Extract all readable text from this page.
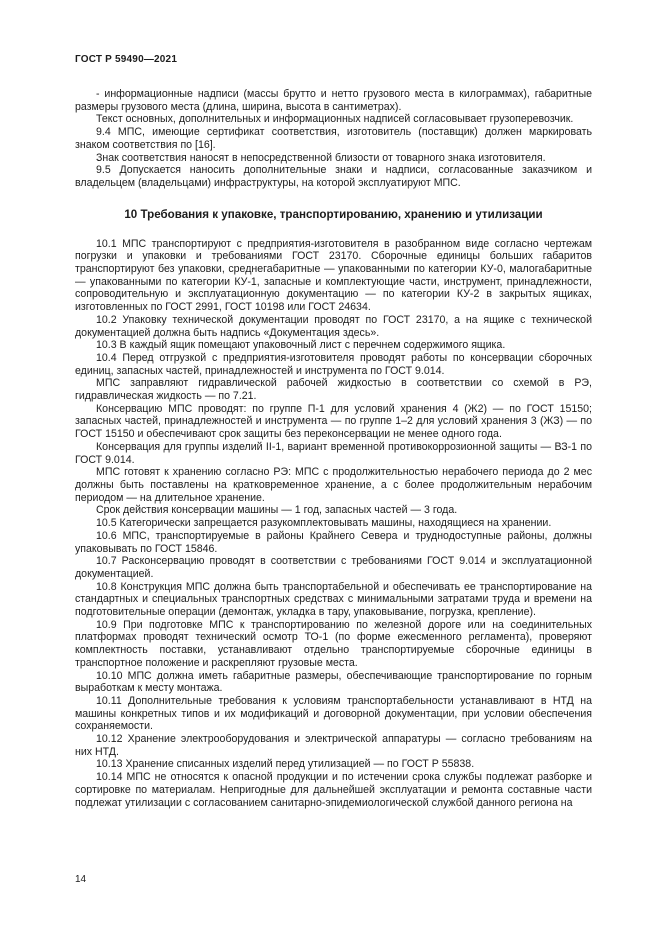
ГОСТ Р 59490—2021

- информационные надписи (массы брутто и нетто грузового места в килограммах), габаритные размеры грузового места (длина, ширина, высота в сантиметрах).

Текст основных, дополнительных и информационных надписей согласовывает грузоперевозчик.

9.4 МПС, имеющие сертификат соответствия, изготовитель (поставщик) должен маркировать знаком соответствия по [16].

Знак соответствия наносят в непосредственной близости от товарного знака изготовителя.

9.5 Допускается наносить дополнительные знаки и надписи, согласованные заказчиком и владельцем (владельцами) инфраструктуры, на которой эксплуатируют МПС.

10 Требования к упаковке, транспортированию, хранению и утилизации

10.1 МПС транспортируют с предприятия-изготовителя в разобранном виде согласно чертежам погрузки и упаковки и требованиями ГОСТ 23170. Сборочные единицы больших габаритов транспортируют без упаковки, среднегабаритные — упакованными по категории КУ-0, малогабаритные — упакованными по категории КУ-1, запасные и комплектующие части, инструмент, принадлежности, сопроводительную и эксплуатационную документацию — по категории КУ-2 в закрытых ящиках, изготовленных по ГОСТ 2991, ГОСТ 10198 или ГОСТ 24634.

10.2 Упаковку технической документации проводят по ГОСТ 23170, а на ящике с технической документацией должна быть надпись «Документация здесь».

10.3 В каждый ящик помещают упаковочный лист с перечнем содержимого ящика.

10.4 Перед отгрузкой с предприятия-изготовителя проводят работы по консервации сборочных единиц, запасных частей, принадлежностей и инструмента по ГОСТ 9.014.

МПС заправляют гидравлической рабочей жидкостью в соответствии со схемой в РЭ, гидравлическая жидкость — по 7.21.

Консервацию МПС проводят: по группе П-1 для условий хранения 4 (Ж2) — по ГОСТ 15150; запасных частей, принадлежностей и инструмента — по группе 1–2 для условий хранения 3 (ЖЗ) — по ГОСТ 15150 и обеспечивают срок защиты без переконсервации не менее одного года.

Консервация для группы изделий II-1, вариант временной противокоррозионной защиты — ВЗ-1 по ГОСТ 9.014.

МПС готовят к хранению согласно РЭ: МПС с продолжительностью нерабочего периода до 2 мес должны быть поставлены на кратковременное хранение, а с более продолжительным нерабочим периодом — на длительное хранение.

Срок действия консервации машины — 1 год, запасных частей — 3 года.

10.5 Категорически запрещается разукомплектовывать машины, находящиеся на хранении.

10.6 МПС, транспортируемые в районы Крайнего Севера и труднодоступные районы, должны упаковывать по ГОСТ 15846.

10.7 Расконсервацию проводят в соответствии с требованиями ГОСТ 9.014 и эксплуатационной документацией.

10.8 Конструкция МПС должна быть транспортабельной и обеспечивать ее транспортирование на стандартных и специальных транспортных средствах с минимальными затратами труда и времени на подготовительные операции (демонтаж, укладка в тару, упаковывание, погрузка, крепление).

10.9 При подготовке МПС к транспортированию по железной дороге или на соединительных платформах проводят технический осмотр ТО-1 (по форме ежесменного регламента), проверяют комплектность поставки, устанавливают отдельно транспортируемые сборочные единицы в транспортное положение и раскрепляют грузовые места.

10.10 МПС должна иметь габаритные размеры, обеспечивающие транспортирование по горным выработкам к месту монтажа.

10.11 Дополнительные требования к условиям транспортабельности устанавливают в НТД на машины конкретных типов и их модификаций и договорной документации, при условии обеспечения сохраняемости.

10.12 Хранение электрооборудования и электрической аппаратуры — согласно требованиям на них НТД.

10.13 Хранение списанных изделий перед утилизацией — по ГОСТ Р 55838.

10.14 МПС не относятся к опасной продукции и по истечении срока службы подлежат разборке и сортировке по материалам. Непригодные для дальнейшей эксплуатации и ремонта составные части подлежат утилизации с согласованием санитарно-эпидемиологической службой данного региона на

14
